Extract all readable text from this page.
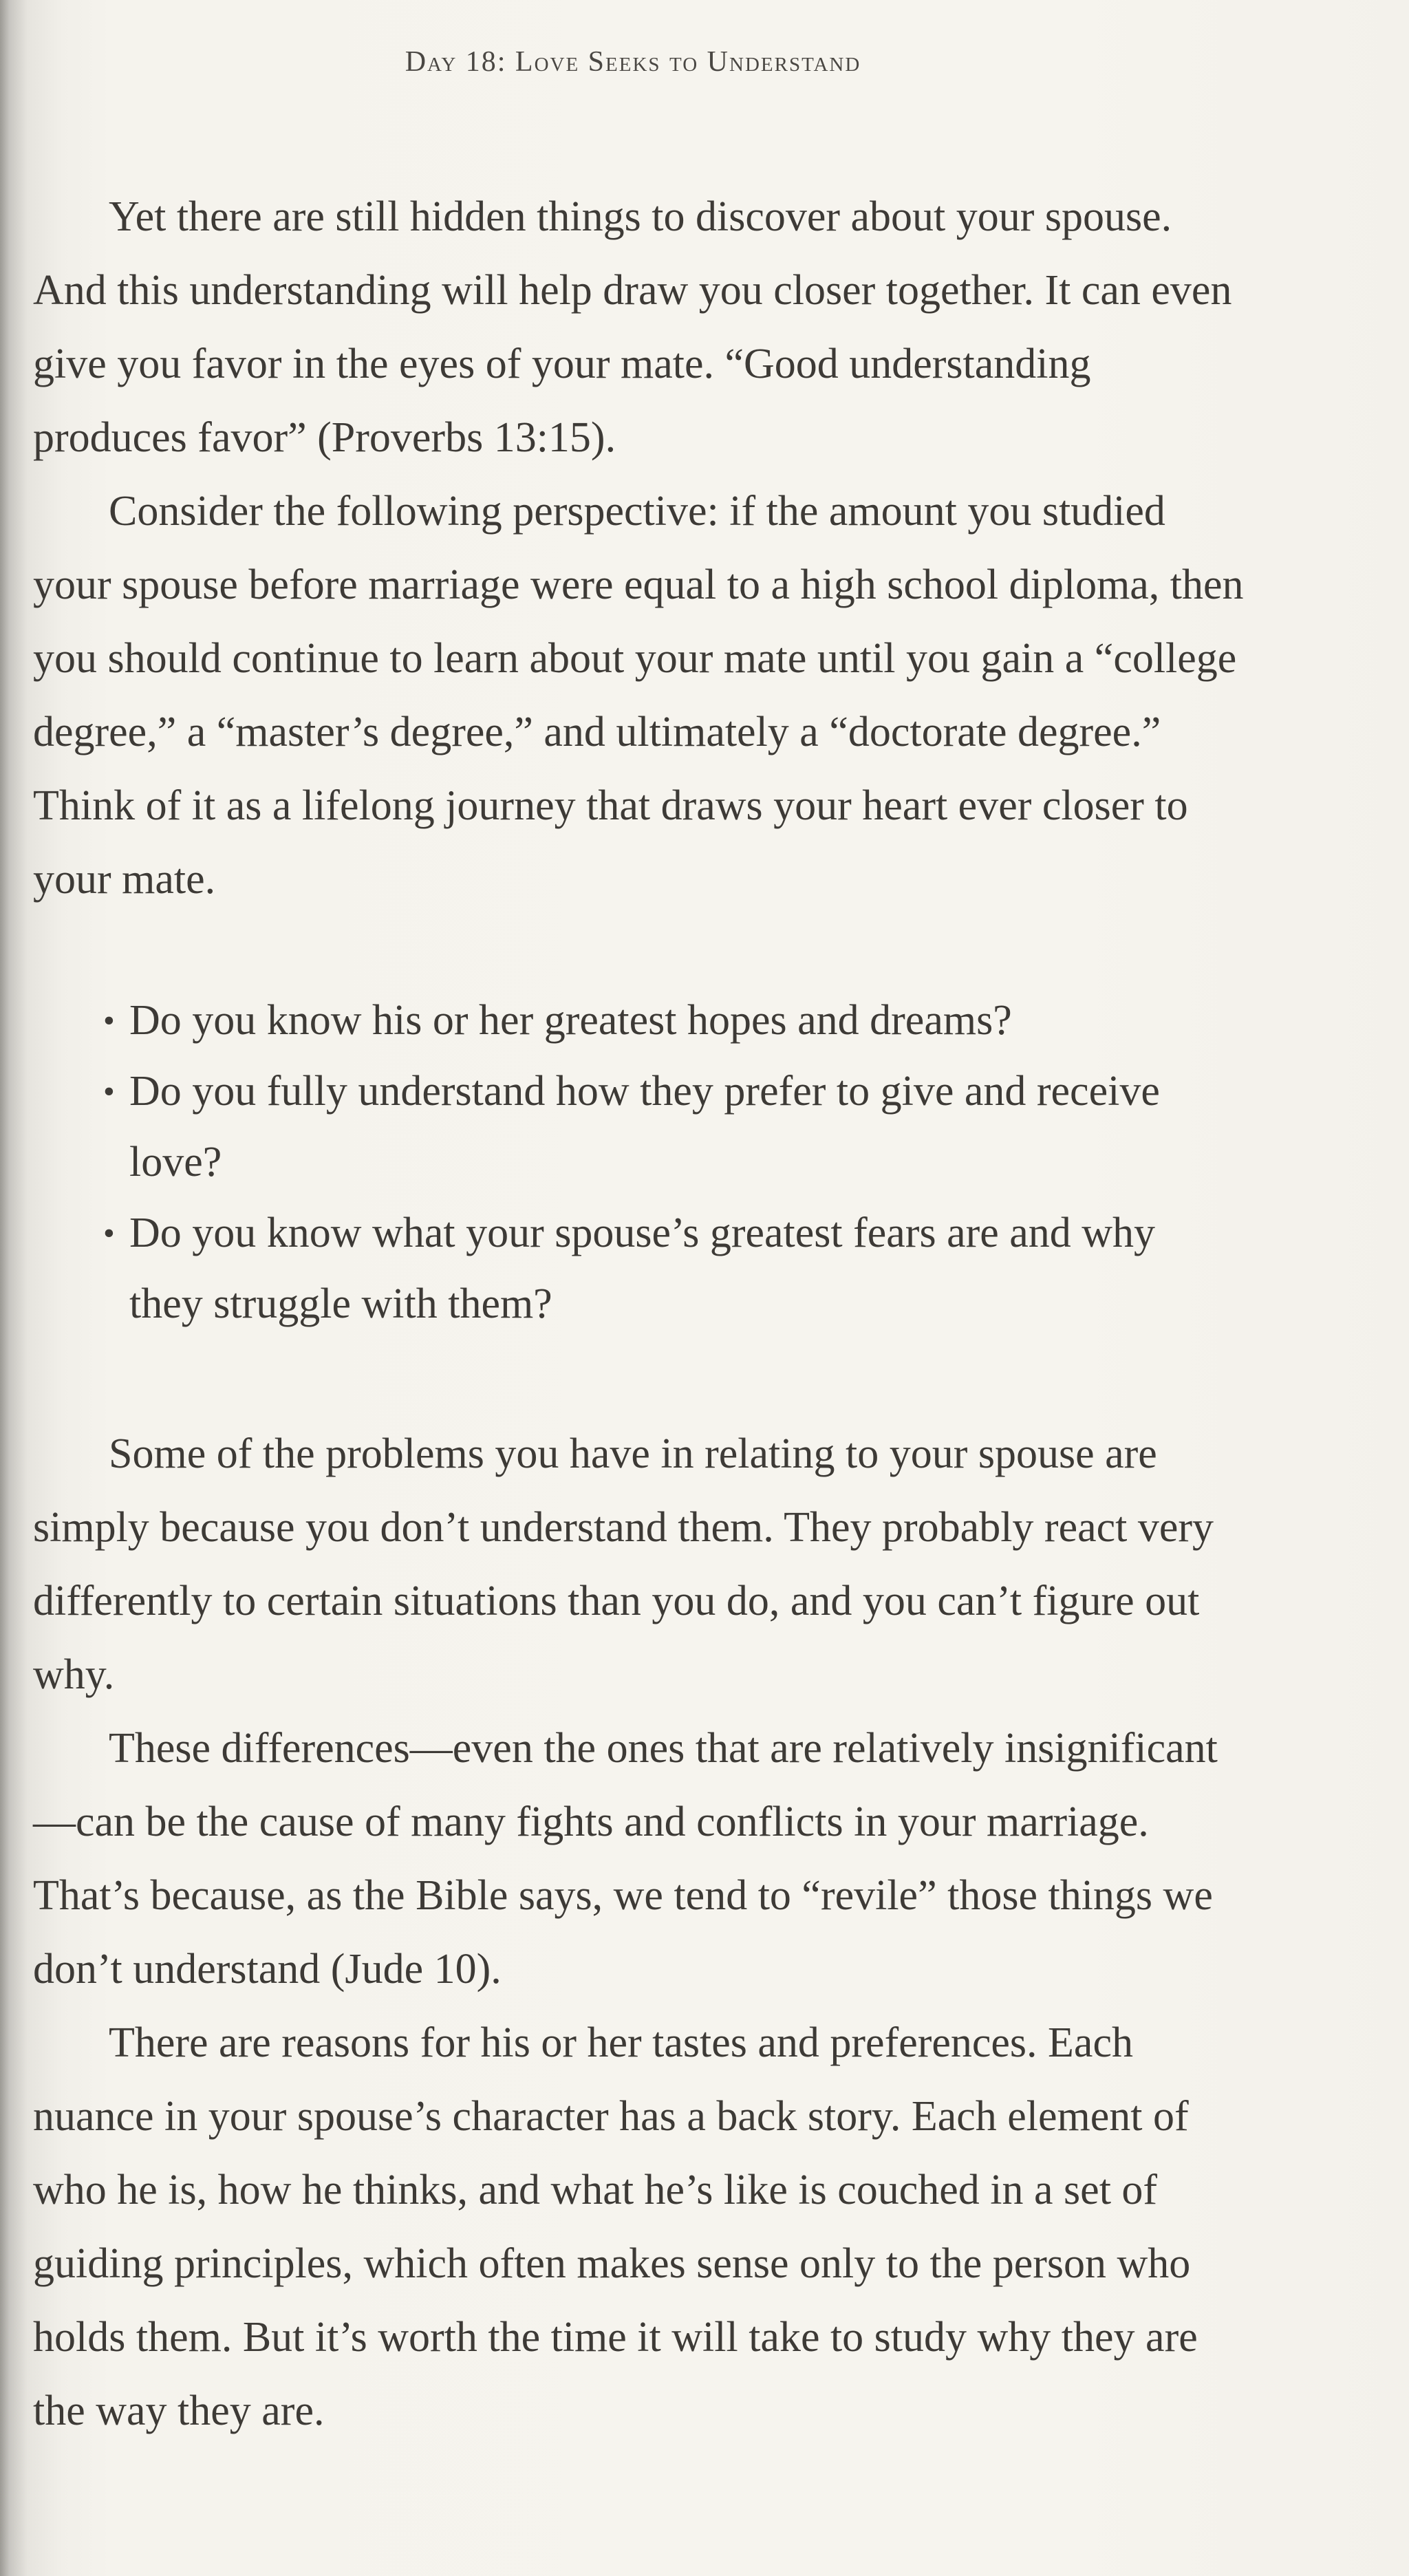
Day 18: Love Seeks to Understand

Yet there are still hidden things to discover about your spouse. And this understanding will help draw you closer together. It can even give you favor in the eyes of your mate. “Good understanding produces favor” (Proverbs 13:15).

Consider the following perspective: if the amount you studied your spouse before marriage were equal to a high school diploma, then you should continue to learn about your mate until you gain a “college degree,” a “master’s degree,” and ultimately a “doctorate degree.” Think of it as a lifelong journey that draws your heart ever closer to your mate.

• Do you know his or her greatest hopes and dreams?
• Do you fully understand how they prefer to give and receive love?
• Do you know what your spouse’s greatest fears are and why they struggle with them?

Some of the problems you have in relating to your spouse are simply because you don’t understand them. They probably react very differently to certain situations than you do, and you can’t figure out why.

These differences—even the ones that are relatively insignificant—can be the cause of many fights and conflicts in your marriage. That’s because, as the Bible says, we tend to “revile” those things we don’t understand (Jude 10).

There are reasons for his or her tastes and preferences. Each nuance in your spouse’s character has a back story. Each element of who he is, how he thinks, and what he’s like is couched in a set of guiding principles, which often makes sense only to the person who holds them. But it’s worth the time it will take to study why they are the way they are.
